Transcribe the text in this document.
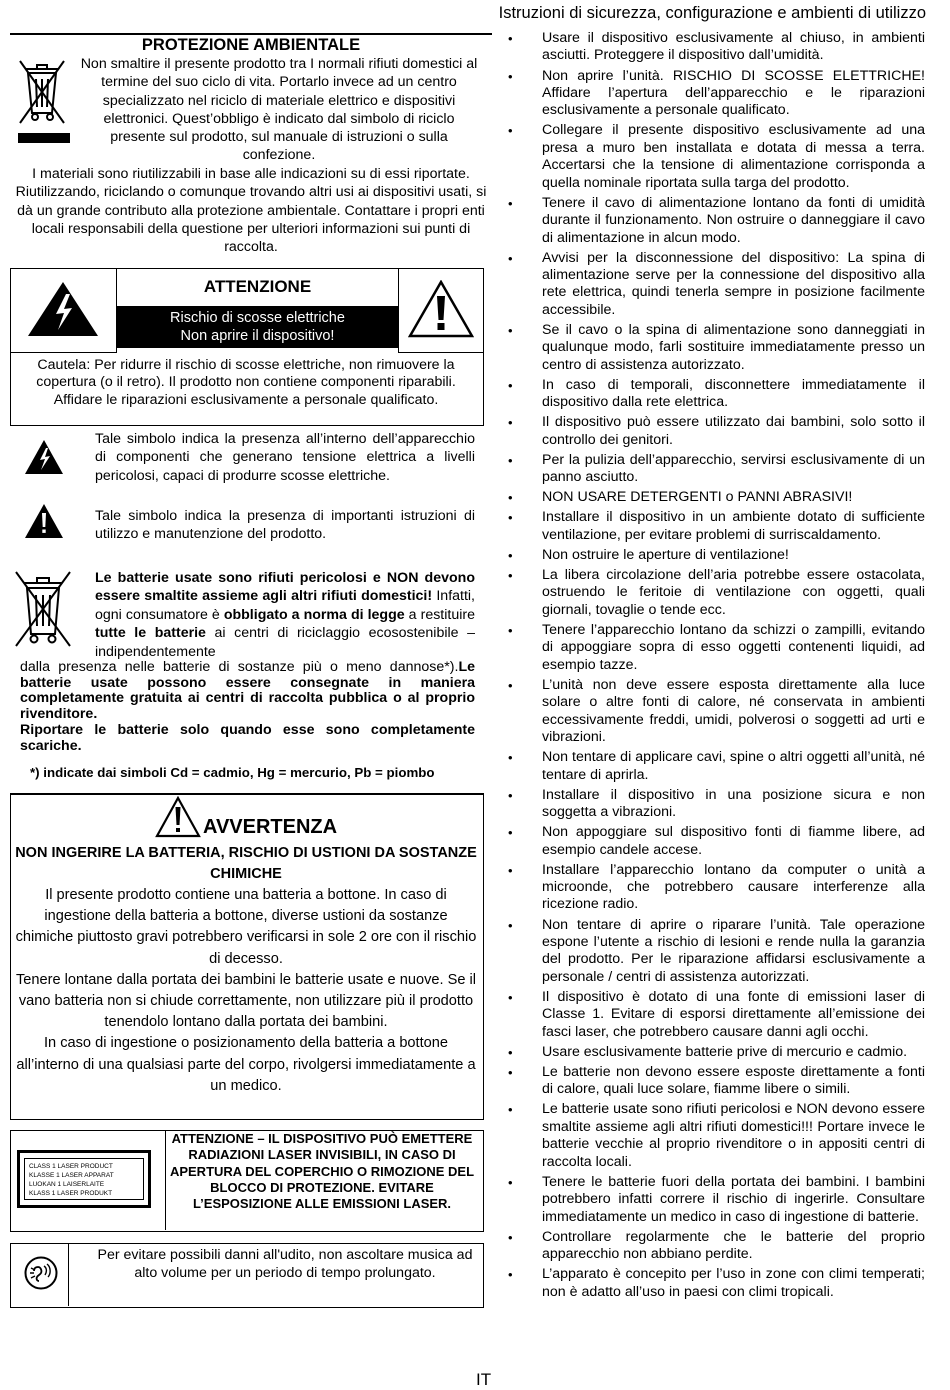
Istruzioni di sicurezza, configurazione e ambienti di utilizzo
IT
PROTEZIONE AMBIENTALE
Non smaltire il presente prodotto tra I normali rifiuti domestici al termine del suo ciclo di vita. Portarlo invece ad un centro specializzato nel riciclo di materiale elettrico e dispositivi elettronici. Quest’obbligo è indicato dal simbolo di riciclo presente sul prodotto, sul manuale di istruzioni o sulla confezione.
I materiali sono riutilizzabili in base alle indicazioni su di essi riportate. Riutilizzando, riciclando o comunque trovando altri usi ai dispositivi usati, si dà un grande contributo alla protezione ambientale. Contattare i propri enti locali responsabili della questione per ulteriori informazioni sui punti di raccolta.
ATTENZIONE
Rischio di scosse elettriche
Non aprire il dispositivo!
Cautela: Per ridurre il rischio di scosse elettriche, non rimuovere la copertura (o il retro). Il prodotto non contiene componenti riparabili. Affidare le riparazioni esclusivamente a personale qualificato.
Tale simbolo indica la presenza all’interno dell’apparecchio di componenti che generano tensione elettrica a livelli pericolosi, capaci di produrre scosse elettriche.
Tale simbolo indica la presenza di importanti istruzioni di utilizzo e manutenzione del prodotto.
Le batterie usate sono rifiuti pericolosi e NON devono essere smaltite assieme agli altri rifiuti domestici! Infatti, ogni consumatore è obbligato a norma di legge a restituire tutte le batterie ai centri di riciclaggio ecosostenibile – indipendentemente
dalla presenza nelle batterie di sostanze più o meno dannose*).Le batterie usate possono essere consegnate in maniera completamente gratuita ai centri di raccolta pubblica o al proprio rivenditore.
Riportare le batterie solo quando esse sono completamente scariche.
*) indicate dai simboli Cd = cadmio, Hg = mercurio, Pb = piombo
AVVERTENZA
NON INGERIRE LA BATTERIA, RISCHIO DI USTIONI DA SOSTANZE CHIMICHE
Il presente prodotto contiene una batteria a bottone. In caso di ingestione della batteria a bottone, diverse ustioni da sostanze chimiche piuttosto gravi potrebbero verificarsi in sole 2 ore con il rischio di decesso.
Tenere lontane dalla portata dei bambini le batterie usate e nuove. Se il vano batteria non si chiude correttamente, non utilizzare più il prodotto tenendolo lontano dalla portata dei bambini.
In caso di ingestione o posizionamento della batteria a bottone all’interno di una qualsiasi parte del corpo, rivolgersi immediatamente a un medico.
CLASS 1 LASER PRODUCT
KLASSE 1 LASER APPARAT
LUOKAN 1 LAISERLAITE
KLASS 1 LASER PRODUKT
ATTENZIONE – IL DISPOSITIVO PUÒ EMETTERE RADIAZIONI LASER INVISIBILI, IN CASO DI APERTURA DEL COPERCHIO O RIMOZIONE DEL BLOCCO DI PROTEZIONE. EVITARE L’ESPOSIZIONE ALLE EMISSIONI LASER.
Per evitare possibili danni all'udito, non ascoltare musica ad alto volume per un periodo di tempo prolungato.
• Usare il dispositivo esclusivamente al chiuso, in ambienti asciutti. Proteggere il dispositivo dall’umidità.
• Non aprire l’unità. RISCHIO DI SCOSSE ELETTRICHE! Affidare l’apertura dell’apparecchio e le riparazioni esclusivamente a personale qualificato.
• Collegare il presente dispositivo esclusivamente ad una presa a muro ben installata e dotata di messa a terra. Accertarsi che la tensione di alimentazione corrisponda a quella nominale riportata sulla targa del prodotto.
• Tenere il cavo di alimentazione lontano da fonti di umidità durante il funzionamento. Non ostruire o danneggiare il cavo di alimentazione in alcun modo.
• Avvisi per la disconnessione del dispositivo: La spina di alimentazione serve per la connessione del dispositivo alla rete elettrica, quindi tenerla sempre in posizione facilmente accessibile.
• Se il cavo o la spina di alimentazione sono danneggiati in qualunque modo, farli sostituire immediatamente presso un centro di assistenza autorizzato.
• In caso di temporali, disconnettere immediatamente il dispositivo dalla rete elettrica.
• Il dispositivo può essere utilizzato dai bambini, solo sotto il controllo dei genitori.
• Per la pulizia dell’apparecchio, servirsi esclusivamente di un panno asciutto.
• NON USARE DETERGENTI o PANNI ABRASIVI!
• Installare il dispositivo in un ambiente dotato di sufficiente ventilazione, per evitare problemi di surriscaldamento.
• Non ostruire le aperture di ventilazione!
• La libera circolazione dell’aria potrebbe essere ostacolata, ostruendo le feritoie di ventilazione con oggetti, quali giornali, tovaglie o tende ecc.
• Tenere l’apparecchio lontano da schizzi o zampilli, evitando di appoggiare sopra di esso oggetti contenenti liquidi, ad esempio tazze.
• L’unità non deve essere esposta direttamente alla luce solare o altre fonti di calore, né conservata in ambienti eccessivamente freddi, umidi, polverosi o soggetti ad urti e vibrazioni.
• Non tentare di applicare cavi, spine o altri oggetti all’unità, né tentare di aprirla.
• Installare il dispositivo in una posizione sicura e non soggetta a vibrazioni.
• Non appoggiare sul dispositivo fonti di fiamme libere, ad esempio candele accese.
• Installare l’apparecchio lontano da computer o unità a microonde, che potrebbero causare interferenze alla ricezione radio.
• Non tentare di aprire o riparare l’unità. Tale operazione espone l’utente a rischio di lesioni e rende nulla la garanzia del prodotto. Per le riparazione affidarsi esclusivamente a personale / centri di assistenza autorizzati.
• Il dispositivo è dotato di una fonte di emissioni laser di Classe 1. Evitare di esporsi direttamente all’emissione dei fasci laser, che potrebbero causare danni agli occhi.
• Usare esclusivamente batterie prive di mercurio e cadmio.
• Le batterie non devono essere esposte direttamente a fonti di calore, quali luce solare, fiamme libere o simili.
• Le batterie usate sono rifiuti pericolosi e NON devono essere smaltite assieme agli altri rifiuti domestici!!! Portare invece le batterie vecchie al proprio rivenditore o in appositi centri di raccolta locali.
• Tenere le batterie fuori della portata dei bambini. I bambini potrebbero infatti correre il rischio di ingerirle. Consultare immediatamente un medico in caso di ingestione di batterie.
• Controllare regolarmente che le batterie del proprio apparecchio non abbiano perdite.
• L’apparato è concepito per l’uso in zone con climi temperati; non è adatto all’uso in paesi con climi tropicali.
